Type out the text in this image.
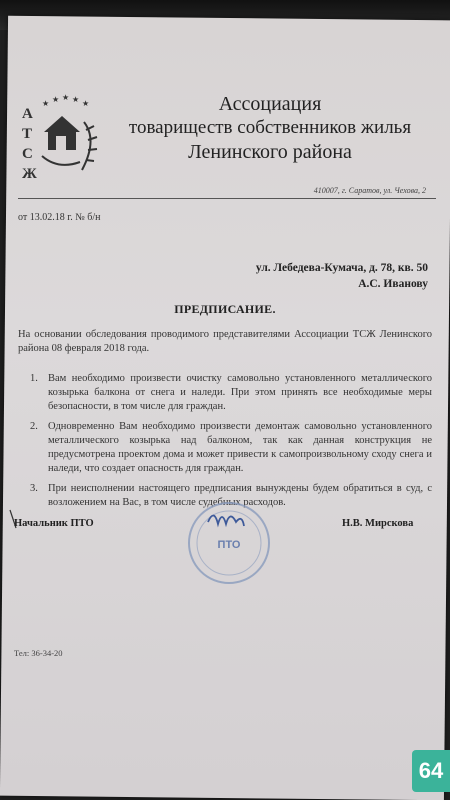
А
Т
С
Ж
★ ★ ★ ★ ★	Ассоциация
товариществ собственников жилья
Ленинского района
410007, г. Саратов, ул. Чехова, 2
от 13.02.18 г. № б/н
ул. Лебедева-Кумача, д. 78, кв. 50
А.С. Иванову
ПРЕДПИСАНИЕ.
На основании обследования проводимого представителями Ассоциации ТСЖ Ленинского района 08 февраля 2018 года.
1. Вам необходимо произвести очистку самовольно установленного металлического козырька балкона от снега и наледи. При этом принять все необходимые меры безопасности, в том числе для граждан.
2. Одновременно Вам необходимо произвести демонтаж самовольно установленного металлического козырька над балконом, так как данная конструкция не предусмотрена проектом дома и может привести к самопроизвольному сходу снега и наледи, что создает опасность для граждан.
3. При неисполнении настоящего предписания вынуждены будем обратиться в суд, с возложением на Вас, в том числе судебных расходов.
Начальник ПТО
ПТО
Н.В. Мирскова
Тел: 36-34-20
64
